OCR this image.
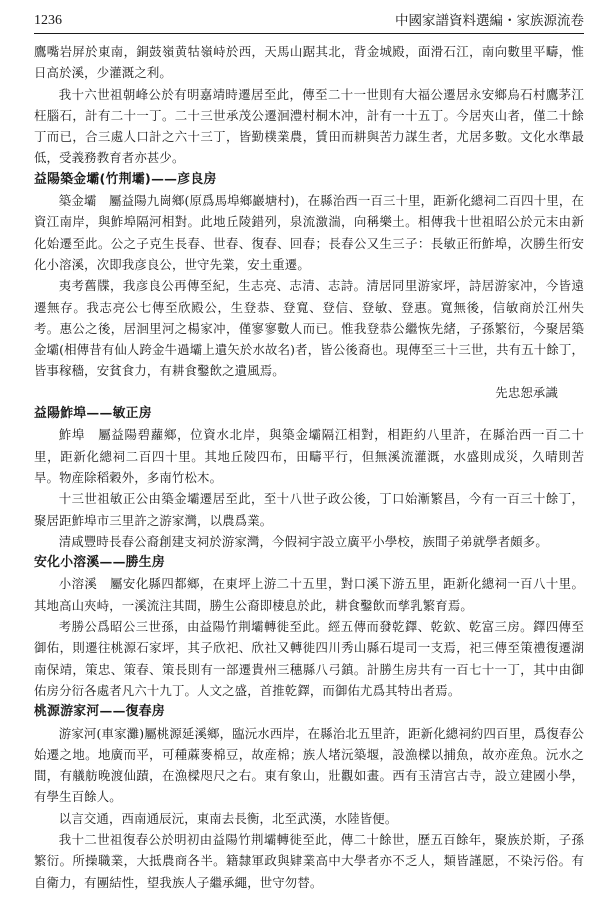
1236	中國家譜資料選編・家族源流卷

鷹嘴岩屏於東南，銅鼓嶺黄牯嶺峙於西，天馬山踞其北，背金城殿，面滑石江，南向數里平疇，惟日高於溪，少灌溉之利。

我十六世祖朝峰公於有明嘉靖時遷居至此，傳至二十一世則有大福公遷居永安鄉烏石村鷹茅江枉腦石，計有二十一丁。二十三世承茂公遷洄澧村桐木冲，計有一十五丁。今居夾山者，僅二十餘丁而已，合三處人口計之六十三丁，皆勤樸業農，賃田而耕與苦力謀生者，尤居多數。文化水準最低，受義務教育者亦甚少。

益陽築金壩(竹荆壩)——彦良房

築金壩　屬益陽九崗鄉(原爲馬埠鄉巖塘村)，在縣治西一百三十里，距新化總祠二百四十里，在資江南岸，與鮓埠隔河相對。此地丘陵錯列，泉流激湍，向稱樂土。相傳我十世祖昭公於元末由新化始遷至此。公之子克生長春、世春、復春、回春；長春公又生三子：長敏正衎鮓埠，次勝生衎安化小溶溪，次即我彦良公，世守先業，安土重遷。

夷考舊牒，我彦良公再傳至紀，生志亮、志清、志詩。清居同里游家坪，詩居游家冲，今皆遠遷無存。我志亮公七傳至欣殿公，生登恭、登寬、登信、登敏、登惠。寬無後，信敏商於江州失考。惠公之後，居洄里河之楊家冲，僅寥寥數人而已。惟我登恭公繼恢先緒，子孫繁衍，今聚居築金壩(相傳昔有仙人跨金牛過壩上遺矢於水故名)者，皆公後裔也。現傳至三十三世，共有五十餘丁，皆事稼穡，安貧食力，有耕食鑿飲之遺風焉。

先忠恕承識

益陽鮓埠——敏正房

鮓埠　屬益陽碧蘿鄉，位資水北岸，與築金壩隔江相對，相距約八里許，在縣治西一百二十里，距新化總祠二百四十里。其地丘陵四布，田疇平行，但無溪流灌溉，水盛則成災，久晴則苦旱。物産除稻穀外，多南竹松木。

十三世祖敏正公由築金壩遷居至此，至十八世子政公後，丁口始漸繁昌，今有一百三十餘丁，聚居距鮓埠市三里許之游家灣，以農爲業。

清咸豐時長春公裔創建支祠於游家灣，今假祠宇設立廣平小學校，族間子弟就學者頗多。

安化小溶溪——勝生房

小溶溪　屬安化縣四都鄉，在東坪上游二十五里，對口溪下游五里，距新化總祠一百八十里。其地高山夾峙，一溪流注其間，勝生公裔即棲息於此，耕食鑿飲而孳乳繁育焉。

考勝公爲昭公三世孫，由益陽竹荆壩轉徙至此。經五傳而發乾鐸、乾欽、乾富三房。鐸四傳至御佑，則遷往桃源石家坪，其子欣祀、欣社又轉徙四川秀山縣石堤司一支焉，祀三傳至策禮復遷湖南保靖，策忠、策春、策長則有一部遷貴州三穗縣八弓鎮。計勝生房共有一百七十一丁，其中由御佑房分衍各處者凡六十九丁。人文之盛，首推乾鐸，而御佑尤爲其特出者焉。

桃源游家河——復春房

游家河(車家灘)屬桃源延溪鄉，臨沅水西岸，在縣治北五里許，距新化總祠約四百里，爲復春公始遷之地。地廣而平，可種蔴麥棉豆，故産棉；族人堵沅築堰，設漁樑以捕魚，故亦産魚。沅水之間，有艤舫晚渡仙蹟，在漁樑咫尺之右。東有象山，壯觀如畫。西有玉清宫古寺，設立建國小學，有學生百餘人。

以言交通，西南通辰沅，東南去長衡，北至武漢，水陸皆便。

我十二世祖復春公於明初由益陽竹荆壩轉徙至此，傳二十餘世，歷五百餘年，聚族於斯，子孫繁衍。所操職業，大抵農商各半。籍隸軍政與肄業高中大學者亦不乏人，類皆謹愿，不染污俗。有自衛力，有團結性，望我族人子繼承繩，世守勿替。
